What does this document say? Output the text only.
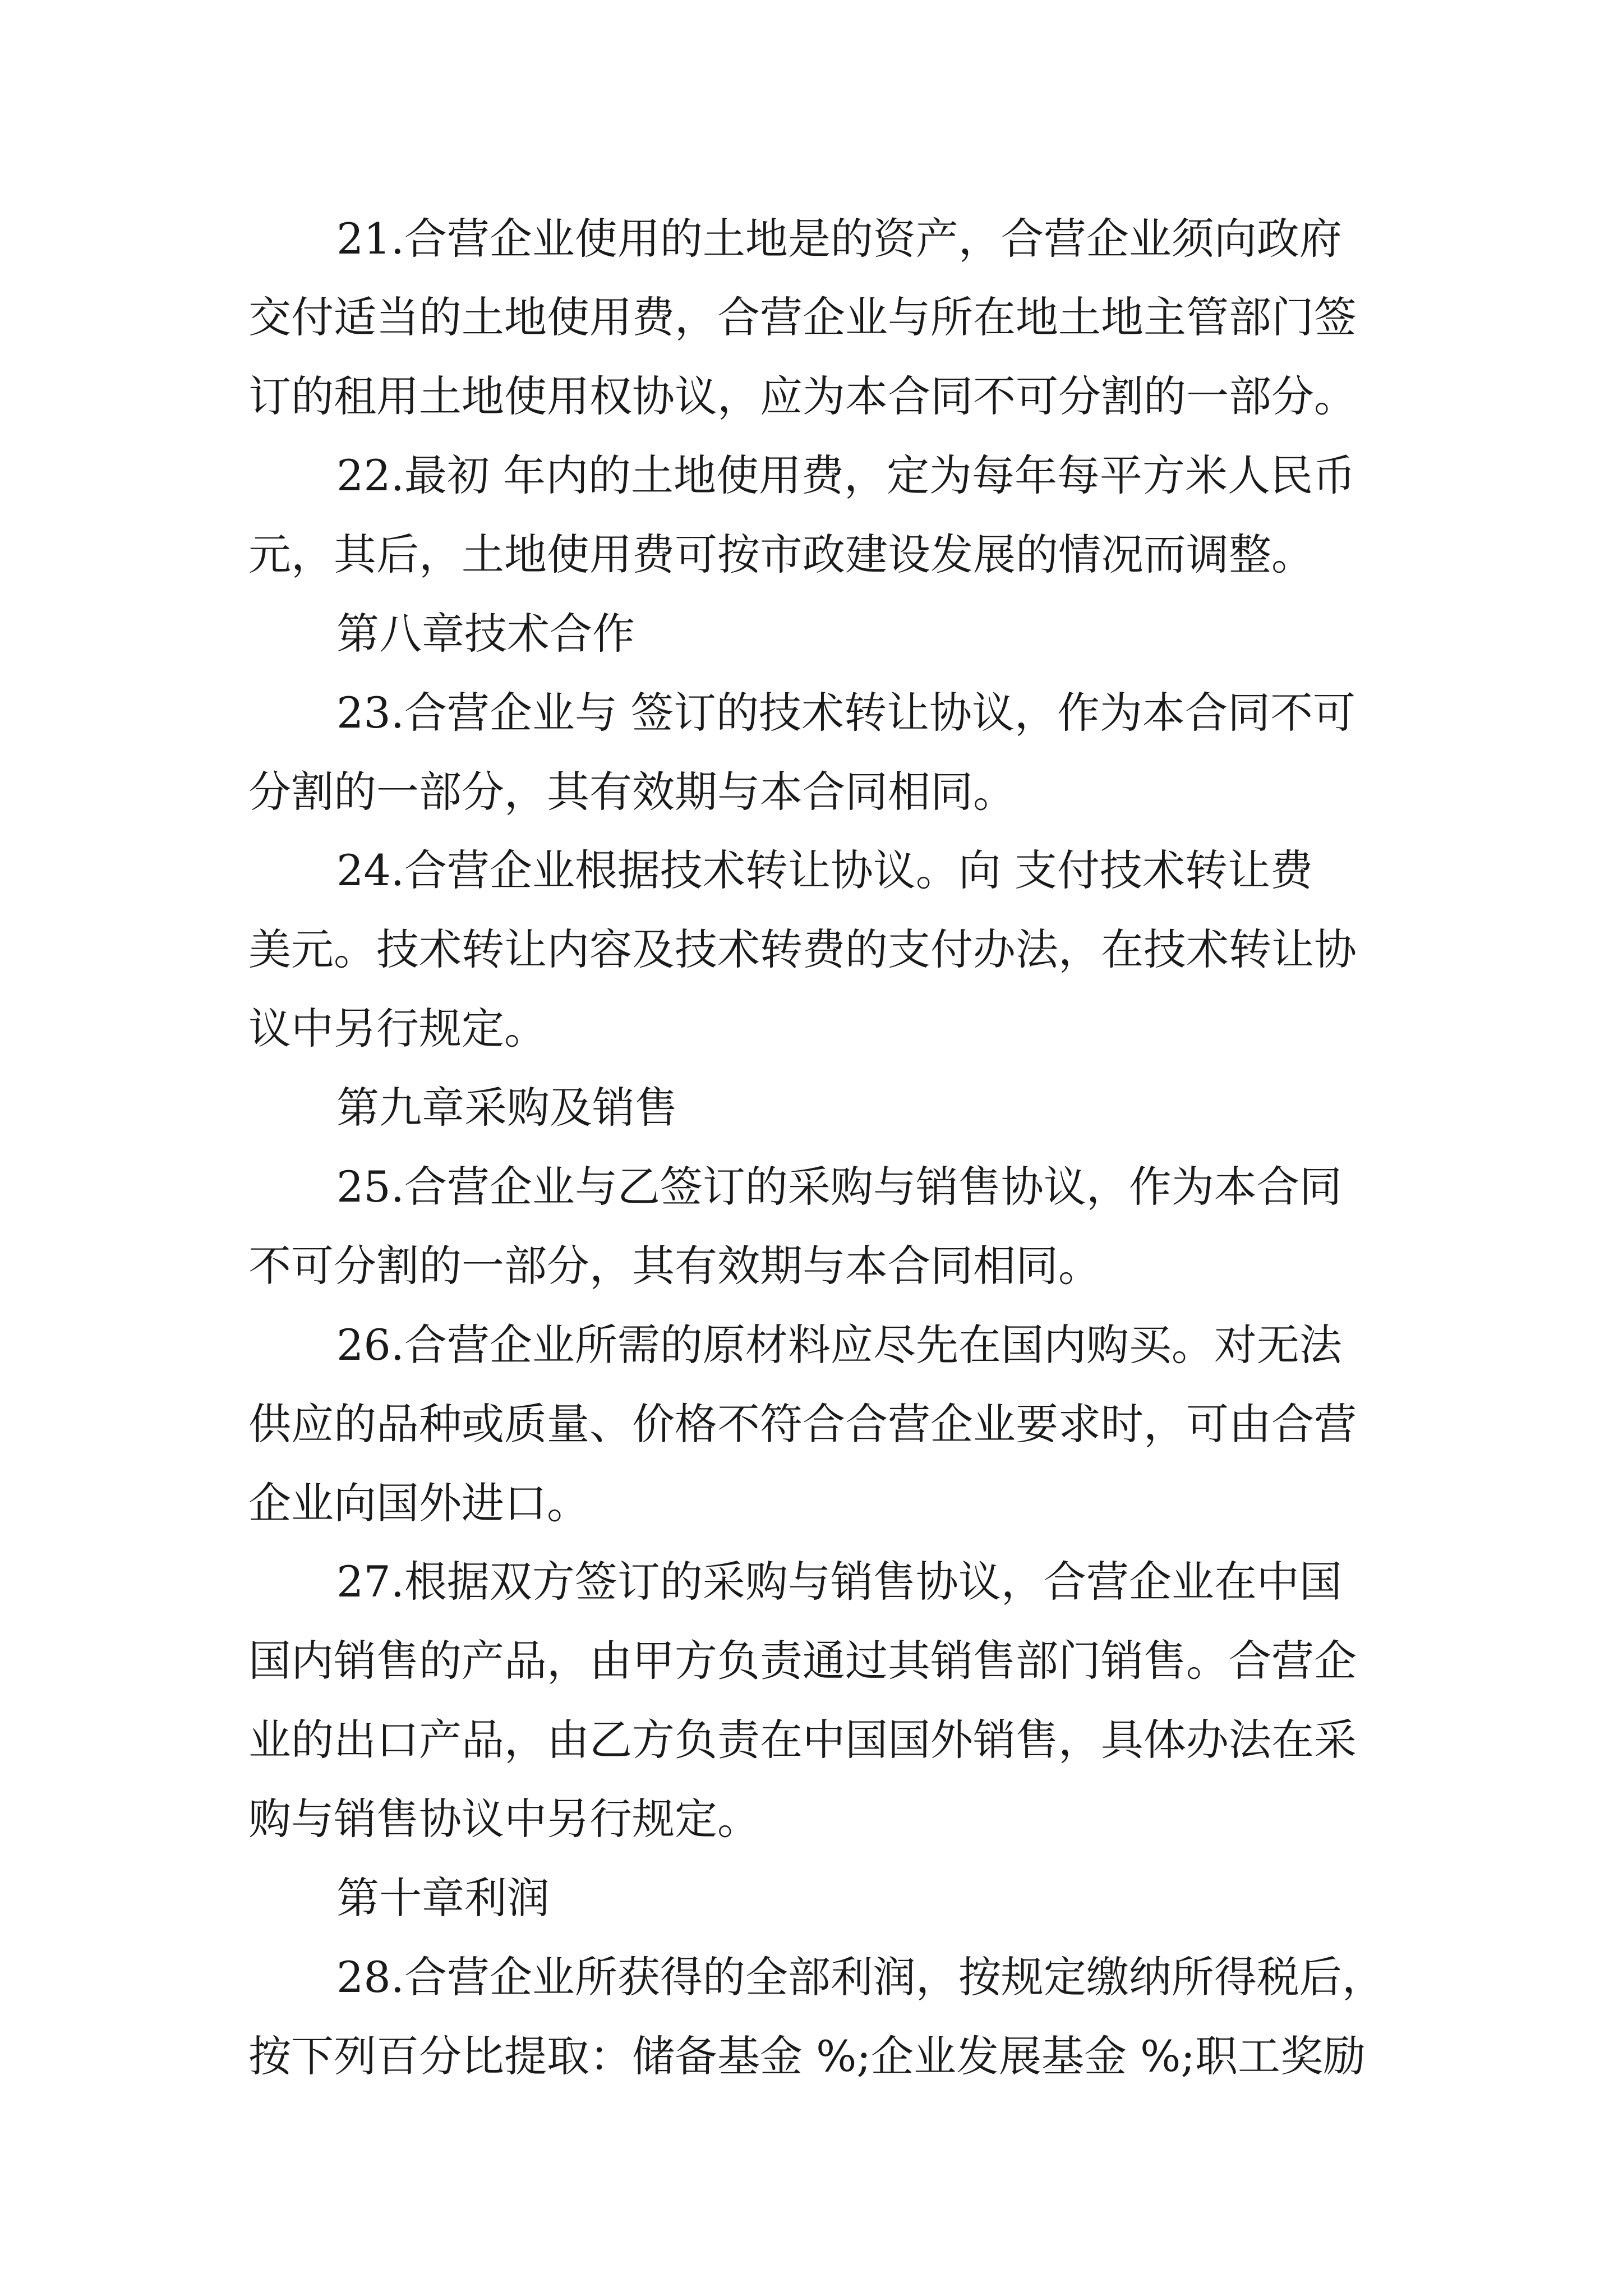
21.合营企业使用的土地是的资产，合营企业须向政府

交付适当的土地使用费，合营企业与所在地土地主管部门签

订的租用土地使用权协议，应为本合同不可分割的一部分。

22.最初 年内的土地使用费，定为每年每平方米人民币

元，其后，土地使用费可按市政建设发展的情况而调整。

第八章技术合作

23.合营企业与 签订的技术转让协议，作为本合同不可

分割的一部分，其有效期与本合同相同。

24.合营企业根据技术转让协议。向 支付技术转让费

美元。技术转让内容及技术转费的支付办法，在技术转让协

议中另行规定。

第九章采购及销售

25.合营企业与乙签订的采购与销售协议，作为本合同

不可分割的一部分，其有效期与本合同相同。

26.合营企业所需的原材料应尽先在国内购买。对无法

供应的品种或质量、价格不符合合营企业要求时，可由合营

企业向国外进口。

27.根据双方签订的采购与销售协议，合营企业在中国

国内销售的产品，由甲方负责通过其销售部门销售。合营企

业的出口产品，由乙方负责在中国国外销售，具体办法在采

购与销售协议中另行规定。

第十章利润

28.合营企业所获得的全部利润，按规定缴纳所得税后，

按下列百分比提取：储备基金 %;企业发展基金 %;职工奖励
